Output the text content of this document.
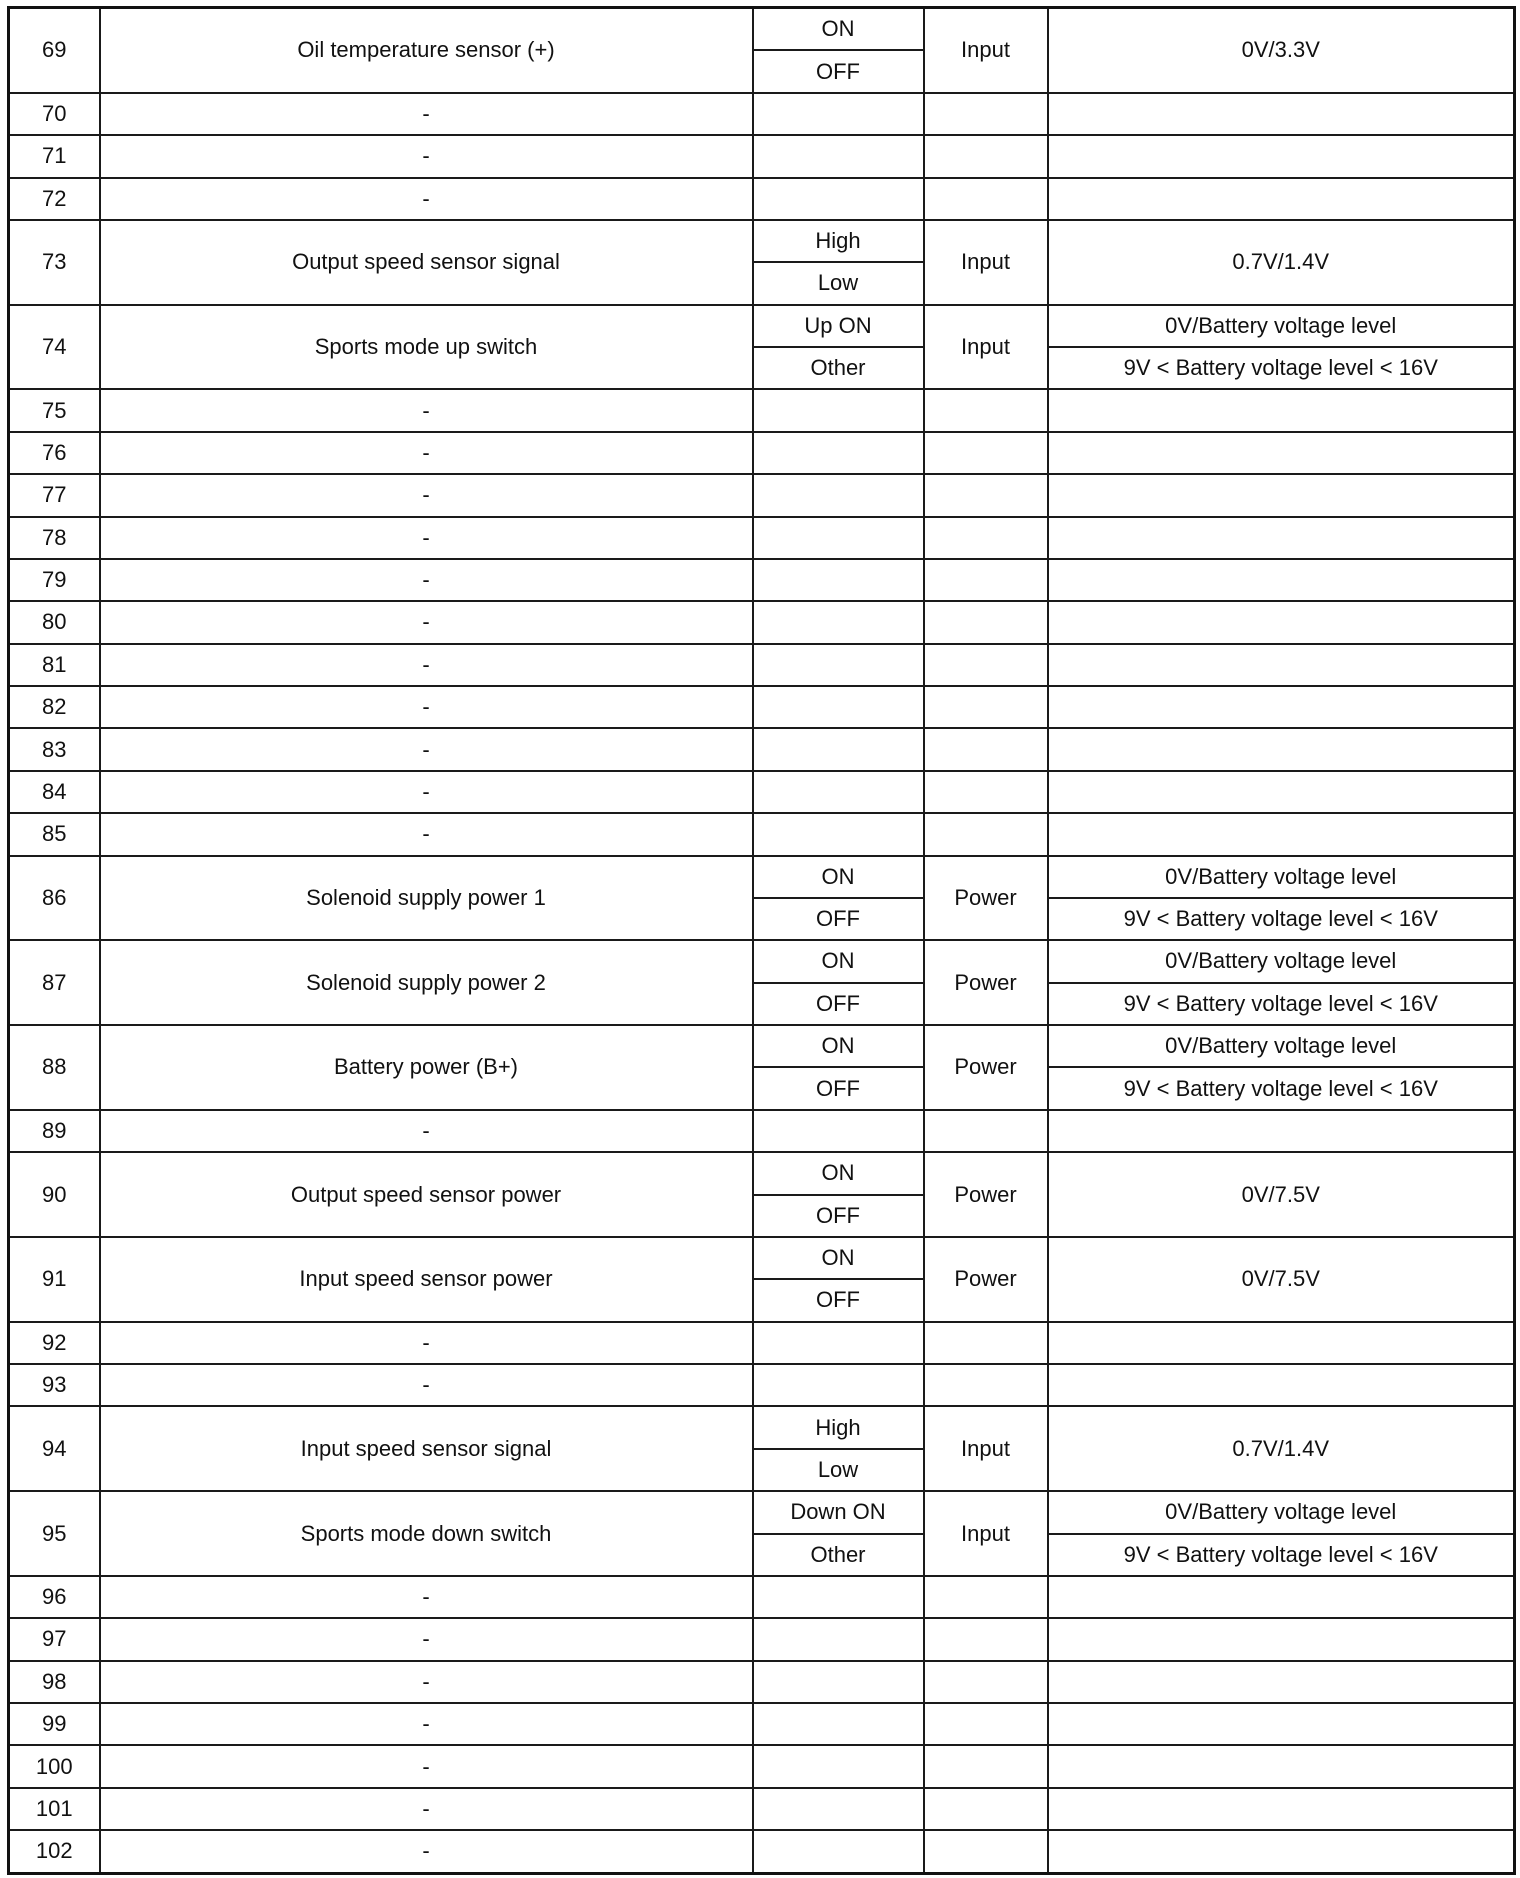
69	Oil temperature sensor (+)	ON	Input	0V/3.3V
		OFF		
70	-			
71	-			
72	-			
73	Output speed sensor signal	High	Input	0.7V/1.4V
		Low		
74	Sports mode up switch	Up ON	Input	0V/Battery voltage level
		Other		9V < Battery voltage level < 16V
75	-			
76	-			
77	-			
78	-			
79	-			
80	-			
81	-			
82	-			
83	-			
84	-			
85	-			
86	Solenoid supply power 1	ON	Power	0V/Battery voltage level
		OFF		9V < Battery voltage level < 16V
87	Solenoid supply power 2	ON	Power	0V/Battery voltage level
		OFF		9V < Battery voltage level < 16V
88	Battery power (B+)	ON	Power	0V/Battery voltage level
		OFF		9V < Battery voltage level < 16V
89	-			
90	Output speed sensor power	ON	Power	0V/7.5V
		OFF		
91	Input speed sensor power	ON	Power	0V/7.5V
		OFF		
92	-			
93	-			
94	Input speed sensor signal	High	Input	0.7V/1.4V
		Low		
95	Sports mode down switch	Down ON	Input	0V/Battery voltage level
		Other		9V < Battery voltage level < 16V
96	-			
97	-			
98	-			
99	-			
100	-			
101	-			
102	-			
